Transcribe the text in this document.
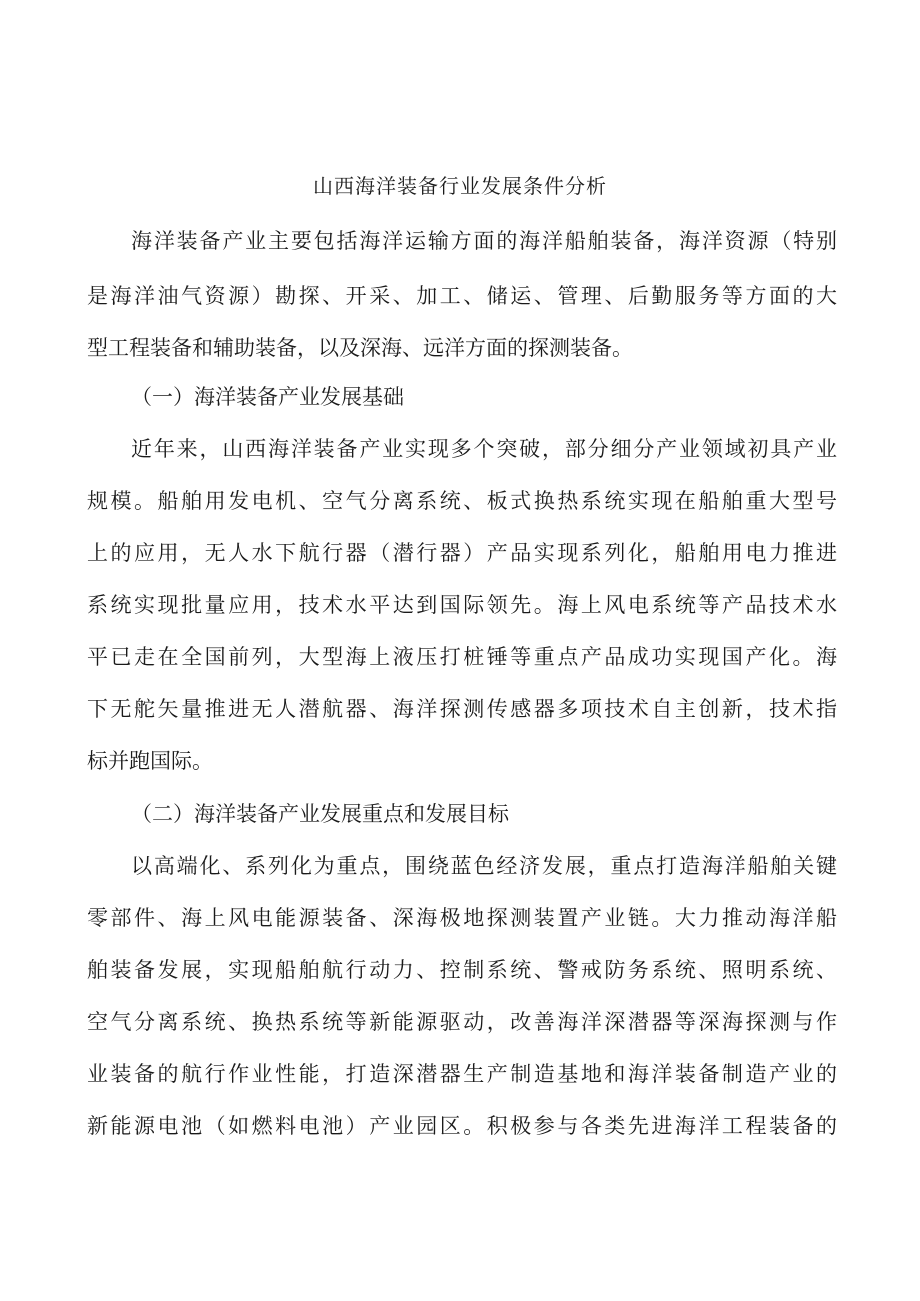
山西海洋装备行业发展条件分析
海洋装备产业主要包括海洋运输方面的海洋船舶装备，海洋资源（特别
是海洋油气资源）勘探、开采、加工、储运、管理、后勤服务等方面的大
型工程装备和辅助装备，以及深海、远洋方面的探测装备。
（一）海洋装备产业发展基础
近年来，山西海洋装备产业实现多个突破，部分细分产业领域初具产业
规模。船舶用发电机、空气分离系统、板式换热系统实现在船舶重大型号
上的应用，无人水下航行器（潜行器）产品实现系列化，船舶用电力推进
系统实现批量应用，技术水平达到国际领先。海上风电系统等产品技术水
平已走在全国前列，大型海上液压打桩锤等重点产品成功实现国产化。海
下无舵矢量推进无人潜航器、海洋探测传感器多项技术自主创新，技术指
标并跑国际。
（二）海洋装备产业发展重点和发展目标
以高端化、系列化为重点，围绕蓝色经济发展，重点打造海洋船舶关键
零部件、海上风电能源装备、深海极地探测装置产业链。大力推动海洋船
舶装备发展，实现船舶航行动力、控制系统、警戒防务系统、照明系统、
空气分离系统、换热系统等新能源驱动，改善海洋深潜器等深海探测与作
业装备的航行作业性能，打造深潜器生产制造基地和海洋装备制造产业的
新能源电池（如燃料电池）产业园区。积极参与各类先进海洋工程装备的
